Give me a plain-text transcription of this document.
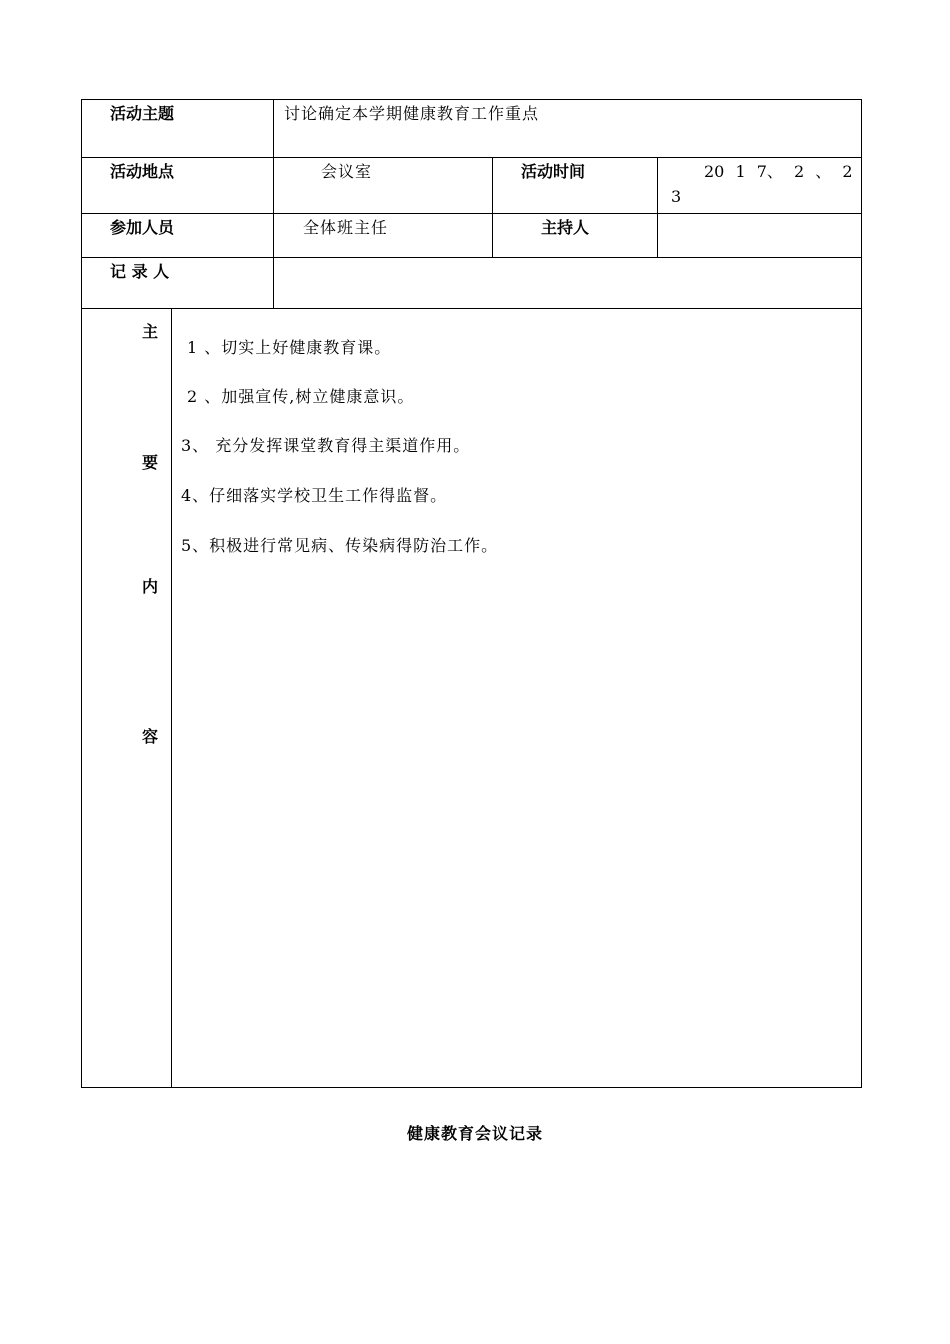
活动主题	讨论确定本学期健康教育工作重点
活动地点	会议室	活动时间	20 1 7、 2 、 2
3
参加人员	全体班主任	主持人
记 录 人
主
要
内
容
1 、切实上好健康教育课。
2 、加强宣传,树立健康意识。
3、 充分发挥课堂教育得主渠道作用。
4、仔细落实学校卫生工作得监督。
5、积极进行常见病、传染病得防治工作。
健康教育会议记录
